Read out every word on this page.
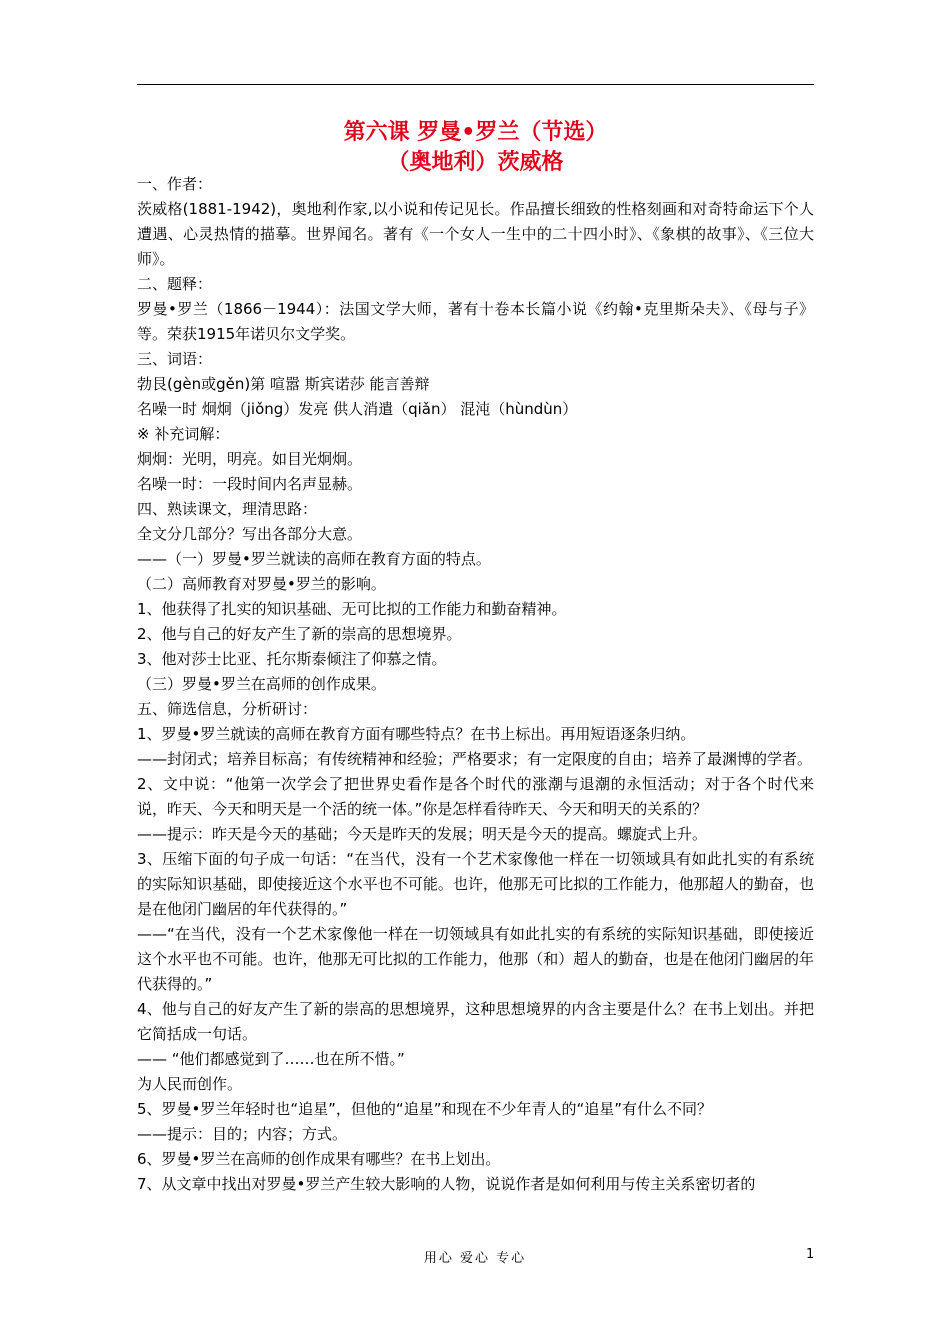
第六课 罗曼•罗兰（节选）
（奥地利）茨威格

一、作者：

茨威格(1881-1942)，奥地利作家,以小说和传记见长。作品擅长细致的性格刻画和对奇特命运下个人遭遇、心灵热情的描摹。世界闻名。著有《一个女人一生中的二十四小时》、《象棋的故事》、《三位大师》。

二、题释：

罗曼•罗兰（1866－1944）：法国文学大师，著有十卷本长篇小说《约翰•克里斯朵夫》、《母与子》等。荣获1915年诺贝尔文学奖。

三、词语：

勃艮(gèn或gěn)第 喧嚣 斯宾诺莎 能言善辩

名噪一时 炯炯（jiǒng）发亮 供人消遣（qiǎn） 混沌（hùndùn）

※ 补充词解：

炯炯：光明，明亮。如目光炯炯。

名噪一时：一段时间内名声显赫。

四、熟读课文，理清思路：

全文分几部分？写出各部分大意。

——（一）罗曼•罗兰就读的高师在教育方面的特点。

（二）高师教育对罗曼•罗兰的影响。

1、他获得了扎实的知识基础、无可比拟的工作能力和勤奋精神。

2、他与自己的好友产生了新的崇高的思想境界。

3、他对莎士比亚、托尔斯泰倾注了仰慕之情。

（三）罗曼•罗兰在高师的创作成果。

五、筛选信息，分析研讨：

1、罗曼•罗兰就读的高师在教育方面有哪些特点？在书上标出。再用短语逐条归纳。

——封闭式；培养目标高；有传统精神和经验；严格要求；有一定限度的自由；培养了最渊博的学者。

2、文中说：“他第一次学会了把世界史看作是各个时代的涨潮与退潮的永恒活动；对于各个时代来说，昨天、今天和明天是一个活的统一体。”你是怎样看待昨天、今天和明天的关系的？

——提示：昨天是今天的基础；今天是昨天的发展；明天是今天的提高。螺旋式上升。

3、压缩下面的句子成一句话：“在当代，没有一个艺术家像他一样在一切领域具有如此扎实的有系统的实际知识基础，即使接近这个水平也不可能。也许，他那无可比拟的工作能力，他那超人的勤奋，也是在他闭门幽居的年代获得的。”

——“在当代，没有一个艺术家像他一样在一切领域具有如此扎实的有系统的实际知识基础，即使接近这个水平也不可能。也许，他那无可比拟的工作能力，他那（和）超人的勤奋，也是在他闭门幽居的年代获得的。”

4、他与自己的好友产生了新的崇高的思想境界，这种思想境界的内含主要是什么？在书上划出。并把它简括成一句话。

—— “他们都感觉到了……也在所不惜。”

为人民而创作。

5、罗曼•罗兰年轻时也“追星”，但他的“追星”和现在不少年青人的“追星”有什么不同？

——提示：目的；内容；方式。

6、罗曼•罗兰在高师的创作成果有哪些？在书上划出。

7、从文章中找出对罗曼•罗兰产生较大影响的人物，说说作者是如何利用与传主关系密切者的

用心 爱心 专心	1
